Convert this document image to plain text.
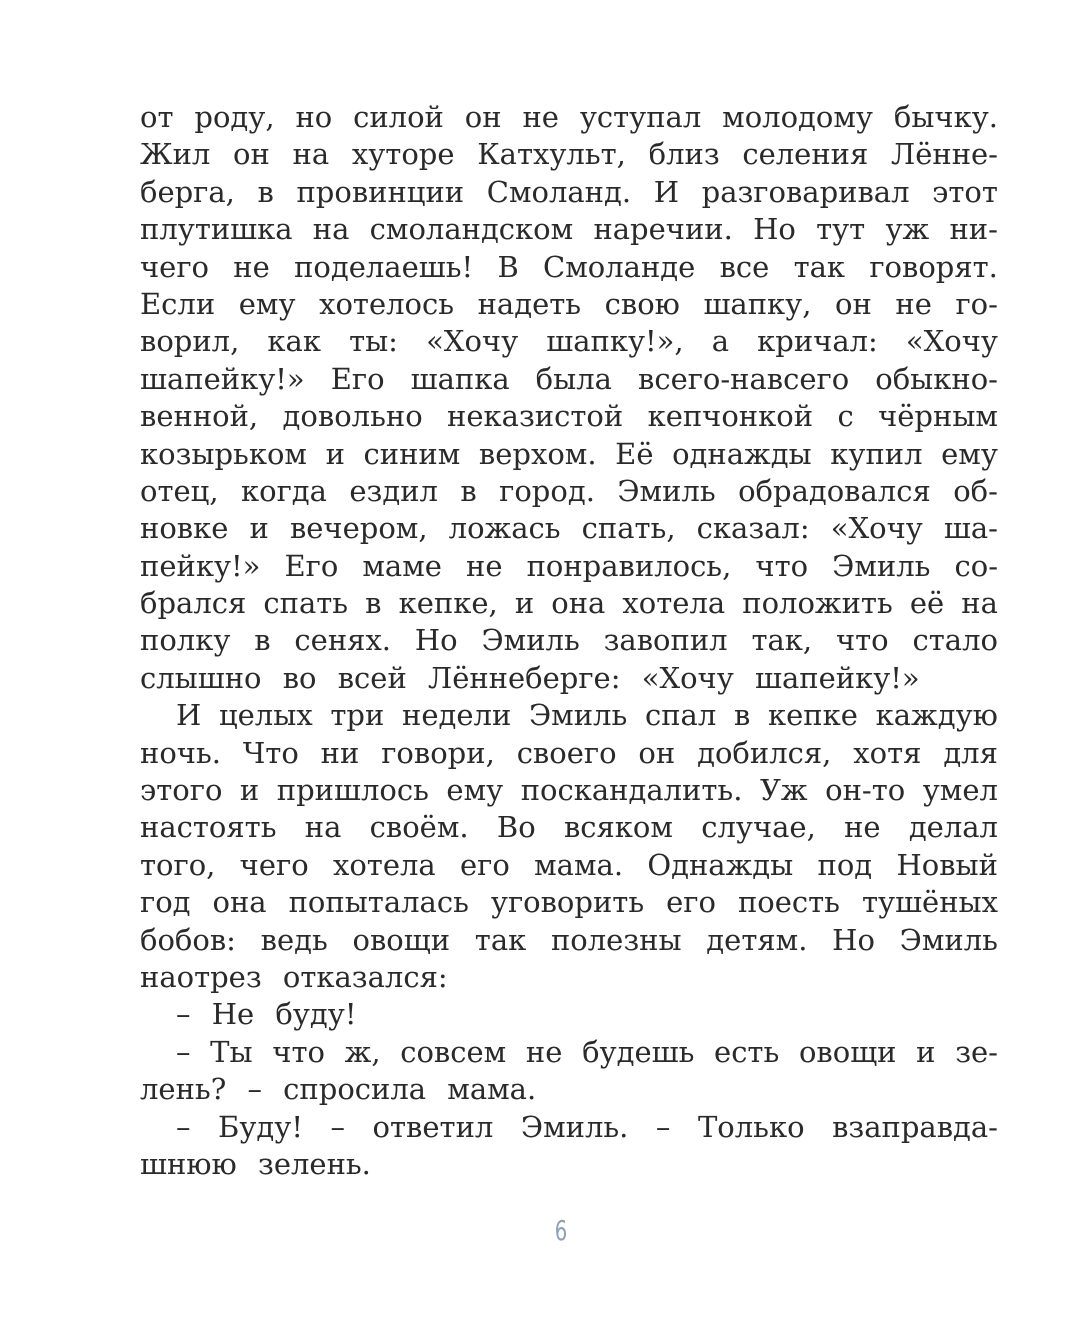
от роду, но силой он не уступал молодому бычку.
Жил он на хуторе Катхульт, близ селения Лённе-
берга, в провинции Смоланд. И разговаривал этот
плутишка на смоландском наречии. Но тут уж ни-
чего не поделаешь! В Смоланде все так говорят.
Если ему хотелось надеть свою шапку, он не го-
ворил, как ты: «Хочу шапку!», а кричал: «Хочу
шапейку!» Его шапка была всего-навсего обыкно-
венной, довольно неказистой кепчонкой с чёрным
козырьком и синим верхом. Её однажды купил ему
отец, когда ездил в город. Эмиль обрадовался об-
новке и вечером, ложась спать, сказал: «Хочу ша-
пейку!» Его маме не понравилось, что Эмиль со-
брался спать в кепке, и она хотела положить её на
полку в сенях. Но Эмиль завопил так, что стало
слышно во всей Лённеберге: «Хочу шапейку!»
И целых три недели Эмиль спал в кепке каждую
ночь. Что ни говори, своего он добился, хотя для
этого и пришлось ему поскандалить. Уж он-то умел
настоять на своём. Во всяком случае, не делал
того, чего хотела его мама. Однажды под Новый
год она попыталась уговорить его поесть тушёных
бобов: ведь овощи так полезны детям. Но Эмиль
наотрез отказался:
– Не буду!
– Ты что ж, совсем не будешь есть овощи и зе-
лень? – спросила мама.
– Буду! – ответил Эмиль. – Только взаправда-
шнюю зелень.
6
